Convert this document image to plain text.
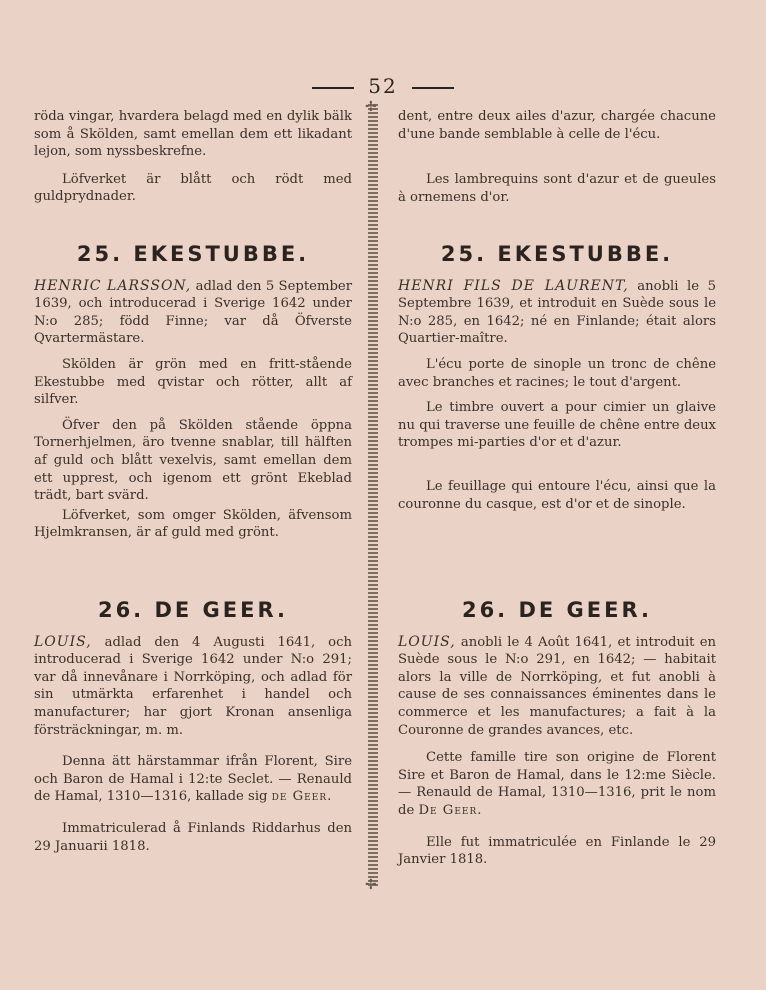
52
✢ ✢

röda vingar, hvardera belagd med en dylik bälk som å Skölden, samt emellan dem ett likadant lejon, som nyssbeskrefne.

Löfverket är blått och rödt med guldprydnader.

25. EKESTUBBE.

HENRIC LARSSON, adlad den 5 September 1639, och introducerad i Sverige 1642 under N:o 285; född Finne; var då Öfverste Qvartermästare.

Skölden är grön med en fritt-stående Ekestubbe med qvistar och rötter, allt af silfver.

Öfver den på Skölden stående öppna Tornerhjelmen, äro tvenne snablar, till hälften af guld och blått vexelvis, samt emellan dem ett upprest, och igenom ett grönt Ekeblad trädt, bart svärd.

Löfverket, som omger Skölden, äfvensom Hjelmkransen, är af guld med grönt.

26. DE GEER.

LOUIS, adlad den 4 Augusti 1641, och introducerad i Sverige 1642 under N:o 291; var då innevånare i Norrköping, och adlad för sin utmärkta erfarenhet i handel och manufacturer; har gjort Kronan ansenliga försträckningar, m. m.

Denna ätt härstammar ifrån Florent, Sire och Baron de Hamal i 12:te Seclet. — Renauld de Hamal, 1310—1316, kallade sig de Geer.

Immatriculerad å Finlands Riddarhus den 29 Januarii 1818.

dent, entre deux ailes d'azur, chargée chacune d'une bande semblable à celle de l'écu.

Les lambrequins sont d'azur et de gueules à ornemens d'or.

25. EKESTUBBE.

HENRI FILS DE LAURENT, anobli le 5 Septembre 1639, et introduit en Suède sous le N:o 285, en 1642; né en Finlande; était alors Quartier-maître.

L'écu porte de sinople un tronc de chêne avec branches et racines; le tout d'argent.

Le timbre ouvert a pour cimier un glaive nu qui traverse une feuille de chêne entre deux trompes mi-parties d'or et d'azur.

Le feuillage qui entoure l'écu, ainsi que la couronne du casque, est d'or et de sinople.

26. DE GEER.

LOUIS, anobli le 4 Août 1641, et introduit en Suède sous le N:o 291, en 1642; — habitait alors la ville de Norrköping, et fut anobli à cause de ses connaissances éminentes dans le commerce et les manufactures; a fait à la Couronne de grandes avances, etc.

Cette famille tire son origine de Florent Sire et Baron de Hamal, dans le 12:me Siècle. — Renauld de Hamal, 1310—1316, prit le nom de De Geer.

Elle fut immatriculée en Finlande le 29 Janvier 1818.
